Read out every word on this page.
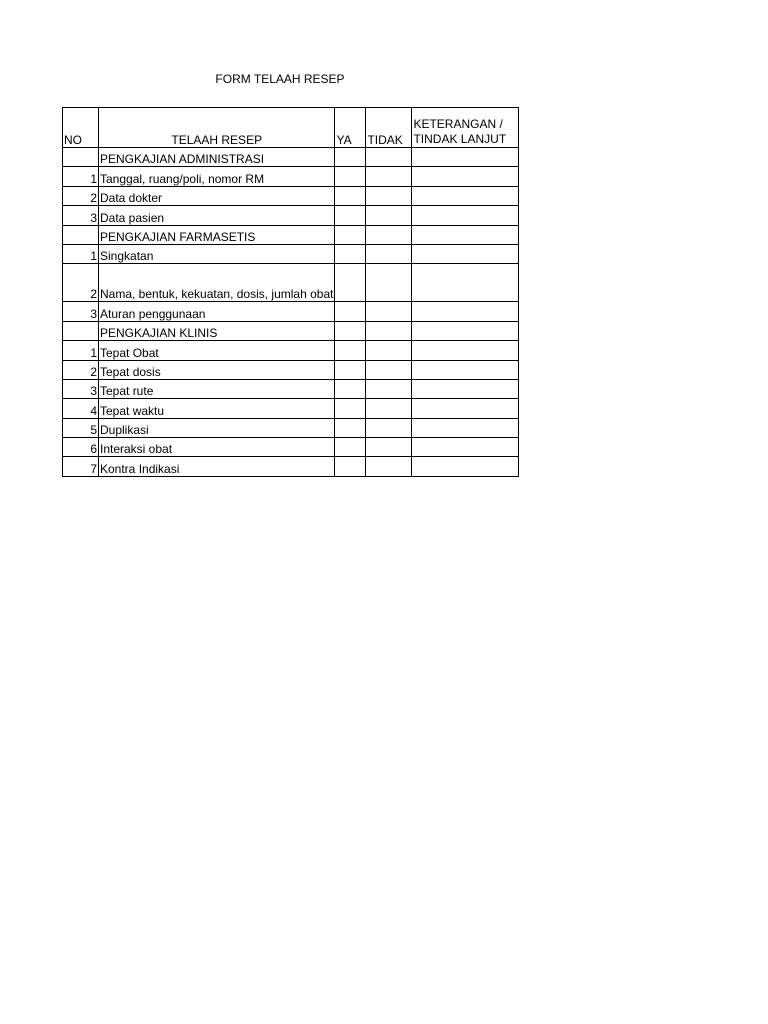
FORM TELAAH RESEP
NO	TELAAH RESEP	YA	TIDAK	KETERANGAN / TINDAK LANJUT
	PENGKAJIAN ADMINISTRASI			
1	Tanggal, ruang/poli, nomor RM			
2	Data dokter			
3	Data pasien			
	PENGKAJIAN FARMASETIS			
1	Singkatan			
2	Nama, bentuk, kekuatan, dosis, jumlah obat			
3	Aturan penggunaan			
	PENGKAJIAN KLINIS			
1	Tepat Obat			
2	Tepat dosis			
3	Tepat rute			
4	Tepat waktu			
5	Duplikasi			
6	Interaksi obat			
7	Kontra Indikasi			
